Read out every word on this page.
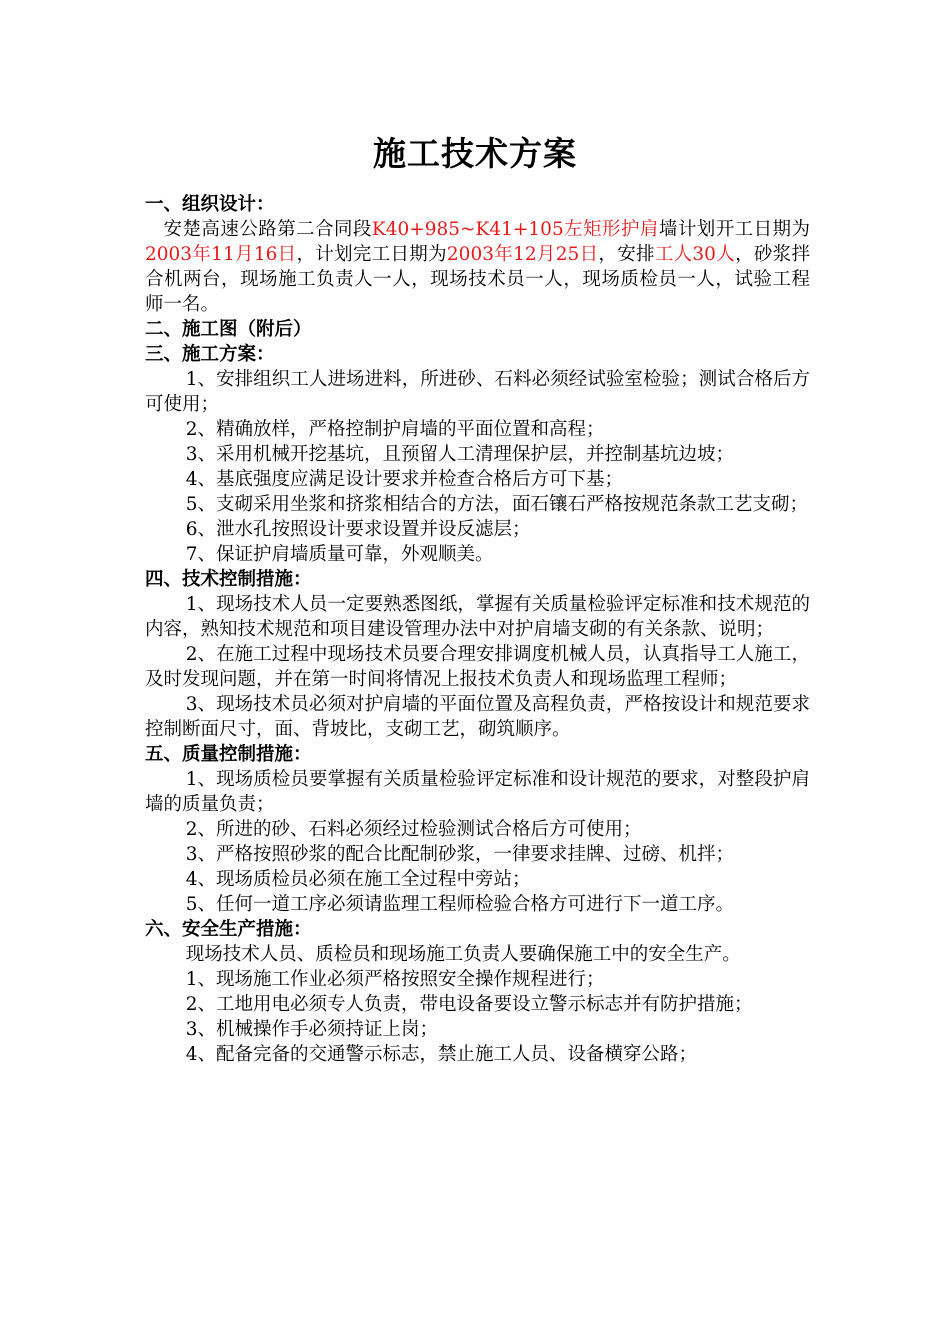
施工技术方案

一、组织设计：

安楚高速公路第二合同段K40+985~K41+105左矩形护肩墙计划开工日期为2003年11月16日，计划完工日期为2003年12月25日，安排工人30人，砂浆拌合机两台，现场施工负责人一人，现场技术员一人，现场质检员一人，试验工程师一名。

二、施工图（附后）

三、施工方案：

1、安排组织工人进场进料，所进砂、石料必须经试验室检验；测试合格后方可使用；

2、精确放样，严格控制护肩墙的平面位置和高程；

3、采用机械开挖基坑，且预留人工清理保护层，并控制基坑边坡；

4、基底强度应满足设计要求并检查合格后方可下基；

5、支砌采用坐浆和挤浆相结合的方法，面石镶石严格按规范条款工艺支砌；

6、泄水孔按照设计要求设置并设反滤层；

7、保证护肩墙质量可靠，外观顺美。

四、技术控制措施：

1、现场技术人员一定要熟悉图纸，掌握有关质量检验评定标准和技术规范的内容，熟知技术规范和项目建设管理办法中对护肩墙支砌的有关条款、说明；

2、在施工过程中现场技术员要合理安排调度机械人员，认真指导工人施工，及时发现问题，并在第一时间将情况上报技术负责人和现场监理工程师；

3、现场技术员必须对护肩墙的平面位置及高程负责，严格按设计和规范要求控制断面尺寸，面、背坡比，支砌工艺，砌筑顺序。

五、质量控制措施：

1、现场质检员要掌握有关质量检验评定标准和设计规范的要求，对整段护肩墙的质量负责；

2、所进的砂、石料必须经过检验测试合格后方可使用；

3、严格按照砂浆的配合比配制砂浆，一律要求挂牌、过磅、机拌；

4、现场质检员必须在施工全过程中旁站；

5、任何一道工序必须请监理工程师检验合格方可进行下一道工序。

六、安全生产措施：

现场技术人员、质检员和现场施工负责人要确保施工中的安全生产。

1、现场施工作业必须严格按照安全操作规程进行；

2、工地用电必须专人负责，带电设备要设立警示标志并有防护措施；

3、机械操作手必须持证上岗；

4、配备完备的交通警示标志，禁止施工人员、设备横穿公路；
